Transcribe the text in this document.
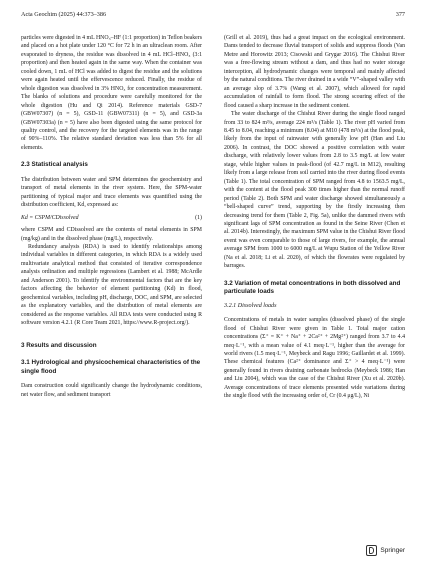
Acta Geochim (2025) 44:373–386	377

particles were digested in 4 mL HNO₃–HF (1:1 proportion) in Teflon beakers and placed on a hot plate under 120 °C for 72 h in an ultraclean room. After evaporated to dryness, the residue was dissolved in 4 mL HCl–HNO₃ (3:1 proportion) and then heated again in the same way. When the container was cooled down, 1 mL of HCl was added to digest the residue and the solutions were again heated until the effervescence reduced. Finally, the residue of whole digestion was dissolved in 3% HNO₃ for concentration measurement. The blanks of solutions and procedure were carefully monitored for the whole digestion (Hu and Qi 2014). Reference materials GSD-7 (GBW07307) (n = 5), GSD-11 (GBW07311) (n = 5), and GSD-3a (GBW07303a) (n = 5) have also been digested using the same protocol for quality control, and the recovery for the targeted elements was in the range of 90%–110%. The relative standard deviation was less than 5% for all elements.

2.3 Statistical analysis

The distribution between water and SPM determines the geochemistry and transport of metal elements in the river system. Here, the SPM-water partitioning of typical major and trace elements was quantified using the distribution coefficient, Kd, expressed as:

Kd = CSPM/CDissolved	(1)

where CSPM and CDissolved are the contents of metal elements in SPM (mg/kg) and in the dissolved phase (mg/L), respectively.

Redundancy analysis (RDA) is used to identify relationships among individual variables in different categories, in which RDA is a widely used multivariate analytical method that consisted of iterative correspondence analysis ordination and multiple regressions (Lambert et al. 1988; McArdle and Anderson 2001). To identify the environmental factors that are the key factors affecting the behavior of element partitioning (Kd) in flood, geochemical variables, including pH, discharge, DOC, and SPM, are selected as the explanatory variables, and the distribution of metal elements are considered as the response variables. All RDA tests were conducted using R software version 4.2.1 (R Core Team 2021, https://www.R-project.org/).

3 Results and discussion
3.1 Hydrological and physicochemical characteristics of the single flood

Dam construction could significantly change the hydrodynamic conditions, net water flow, and sediment transport

(Grill et al. 2019), thus had a great impact on the ecological environment. Dams tended to decrease fluvial transport of solids and suppress floods (Van Metre and Horowitz 2013; Cisowski and Grygar 2016). The Chishui River was a free-flowing stream without a dam, and thus had no water storage interception, all hydrodynamic changes were temporal and mainly affected by the natural conditions. The river drained in a wide “V”-shaped valley with an average slop of 3.7% (Wang et al. 2007), which allowed for rapid accumulation of rainfall to form flood. The strong scouring effect of the flood caused a sharp increase in the sediment content.

The water discharge of the Chishui River during the single flood ranged from 33 to 824 m³/s, average 224 m³/s (Table 1). The river pH varied from 8.45 to 8.04, reaching a minimum (8.04) at M10 (478 m³/s) at the flood peak, likely from the input of rainwater with generally low pH (Han and Liu 2006). In contrast, the DOC showed a positive correlation with water discharge, with relatively lower values from 2.8 to 3.5 mg/L at low water stage, while higher values in peak-flood (of 42.7 mg/L in M12), resulting likely from a large release from soil carried into the river during flood events (Table 1). The total concentration of SPM ranged from 4.8 to 1563.5 mg/L, with the content at the flood peak 300 times higher than the normal runoff period (Table 2). Both SPM and water discharge showed simultaneously a “bell-shaped curve” trend, supporting by the firstly increasing then decreasing trend for them (Table 2, Fig. 5a), unlike the dammed rivers with significant lags of SPM concentration as found in the Seine River (Chen et al. 2014b). Interestingly, the maximum SPM value in the Chishui River flood event was even comparable to those of large rivers, for example, the annual average SPM from 1000 to 6000 mg/L at Wupu Station of the Yellow River (Na et al. 2018; Li et al. 2020), of which the flowrates were regulated by barrages.

3.2 Variation of metal concentrations in both dissolved and particulate loads
3.2.1 Dissolved loads

Concentrations of metals in water samples (dissolved phase) of the single flood of Chishui River were given in Table 1. Total major cation concentrations (Σ⁺ = K⁺ + Na⁺ + 2Ca²⁺ + 2Mg²⁺) ranged from 3.7 to 4.4 meq·L⁻¹, with a mean value of 4.1 meq·L⁻¹, higher than the average for world rivers (1.5 meq·L⁻¹, Meybeck and Ragu 1996; Gaillardet et al. 1999). These chemical features (Ca²⁺ dominance and Σ⁺ > 4 meq·L⁻¹) were generally found in rivers draining carbonate bedrocks (Meybeck 1986; Han and Liu 2004), which was the case of the Chishui River (Xu et al. 2020b). Average concentrations of trace elements presented wide variations during the single flood with the increasing order of, Cr (0.4 μg/L), Ni

Springer
